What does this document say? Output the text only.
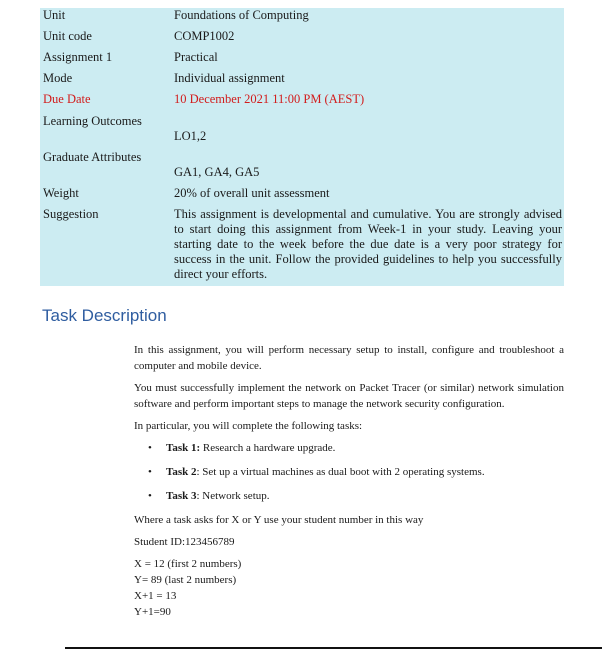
Unit	Foundations of Computing
Unit code	COMP1002
Assignment 1	Practical
Mode	Individual assignment
Due Date	10 December 2021 11:00 PM (AEST)
Learning Outcomes	LO1,2
Graduate Attributes	GA1, GA4, GA5
Weight	20% of overall unit assessment
Suggestion	This assignment is developmental and cumulative. You are strongly advised to start doing this assignment from Week-1 in your study. Leaving your starting date to the week before the due date is a very poor strategy for success in the unit. Follow the provided guidelines to help you successfully direct your efforts.
Task Description

In this assignment, you will perform necessary setup to install, configure and troubleshoot a computer and mobile device.

You must successfully implement the network on Packet Tracer (or similar) network simulation software and perform important steps to manage the network security configuration.

In particular, you will complete the following tasks:

• Task 1: Research a hardware upgrade.
• Task 2: Set up a virtual machines as dual boot with 2 operating systems.
• Task 3: Network setup.

Where a task asks for X or Y use your student number in this way

Student ID:123456789

X = 12 (first 2 numbers)
Y= 89 (last 2 numbers)
X+1 = 13
Y+1=90
